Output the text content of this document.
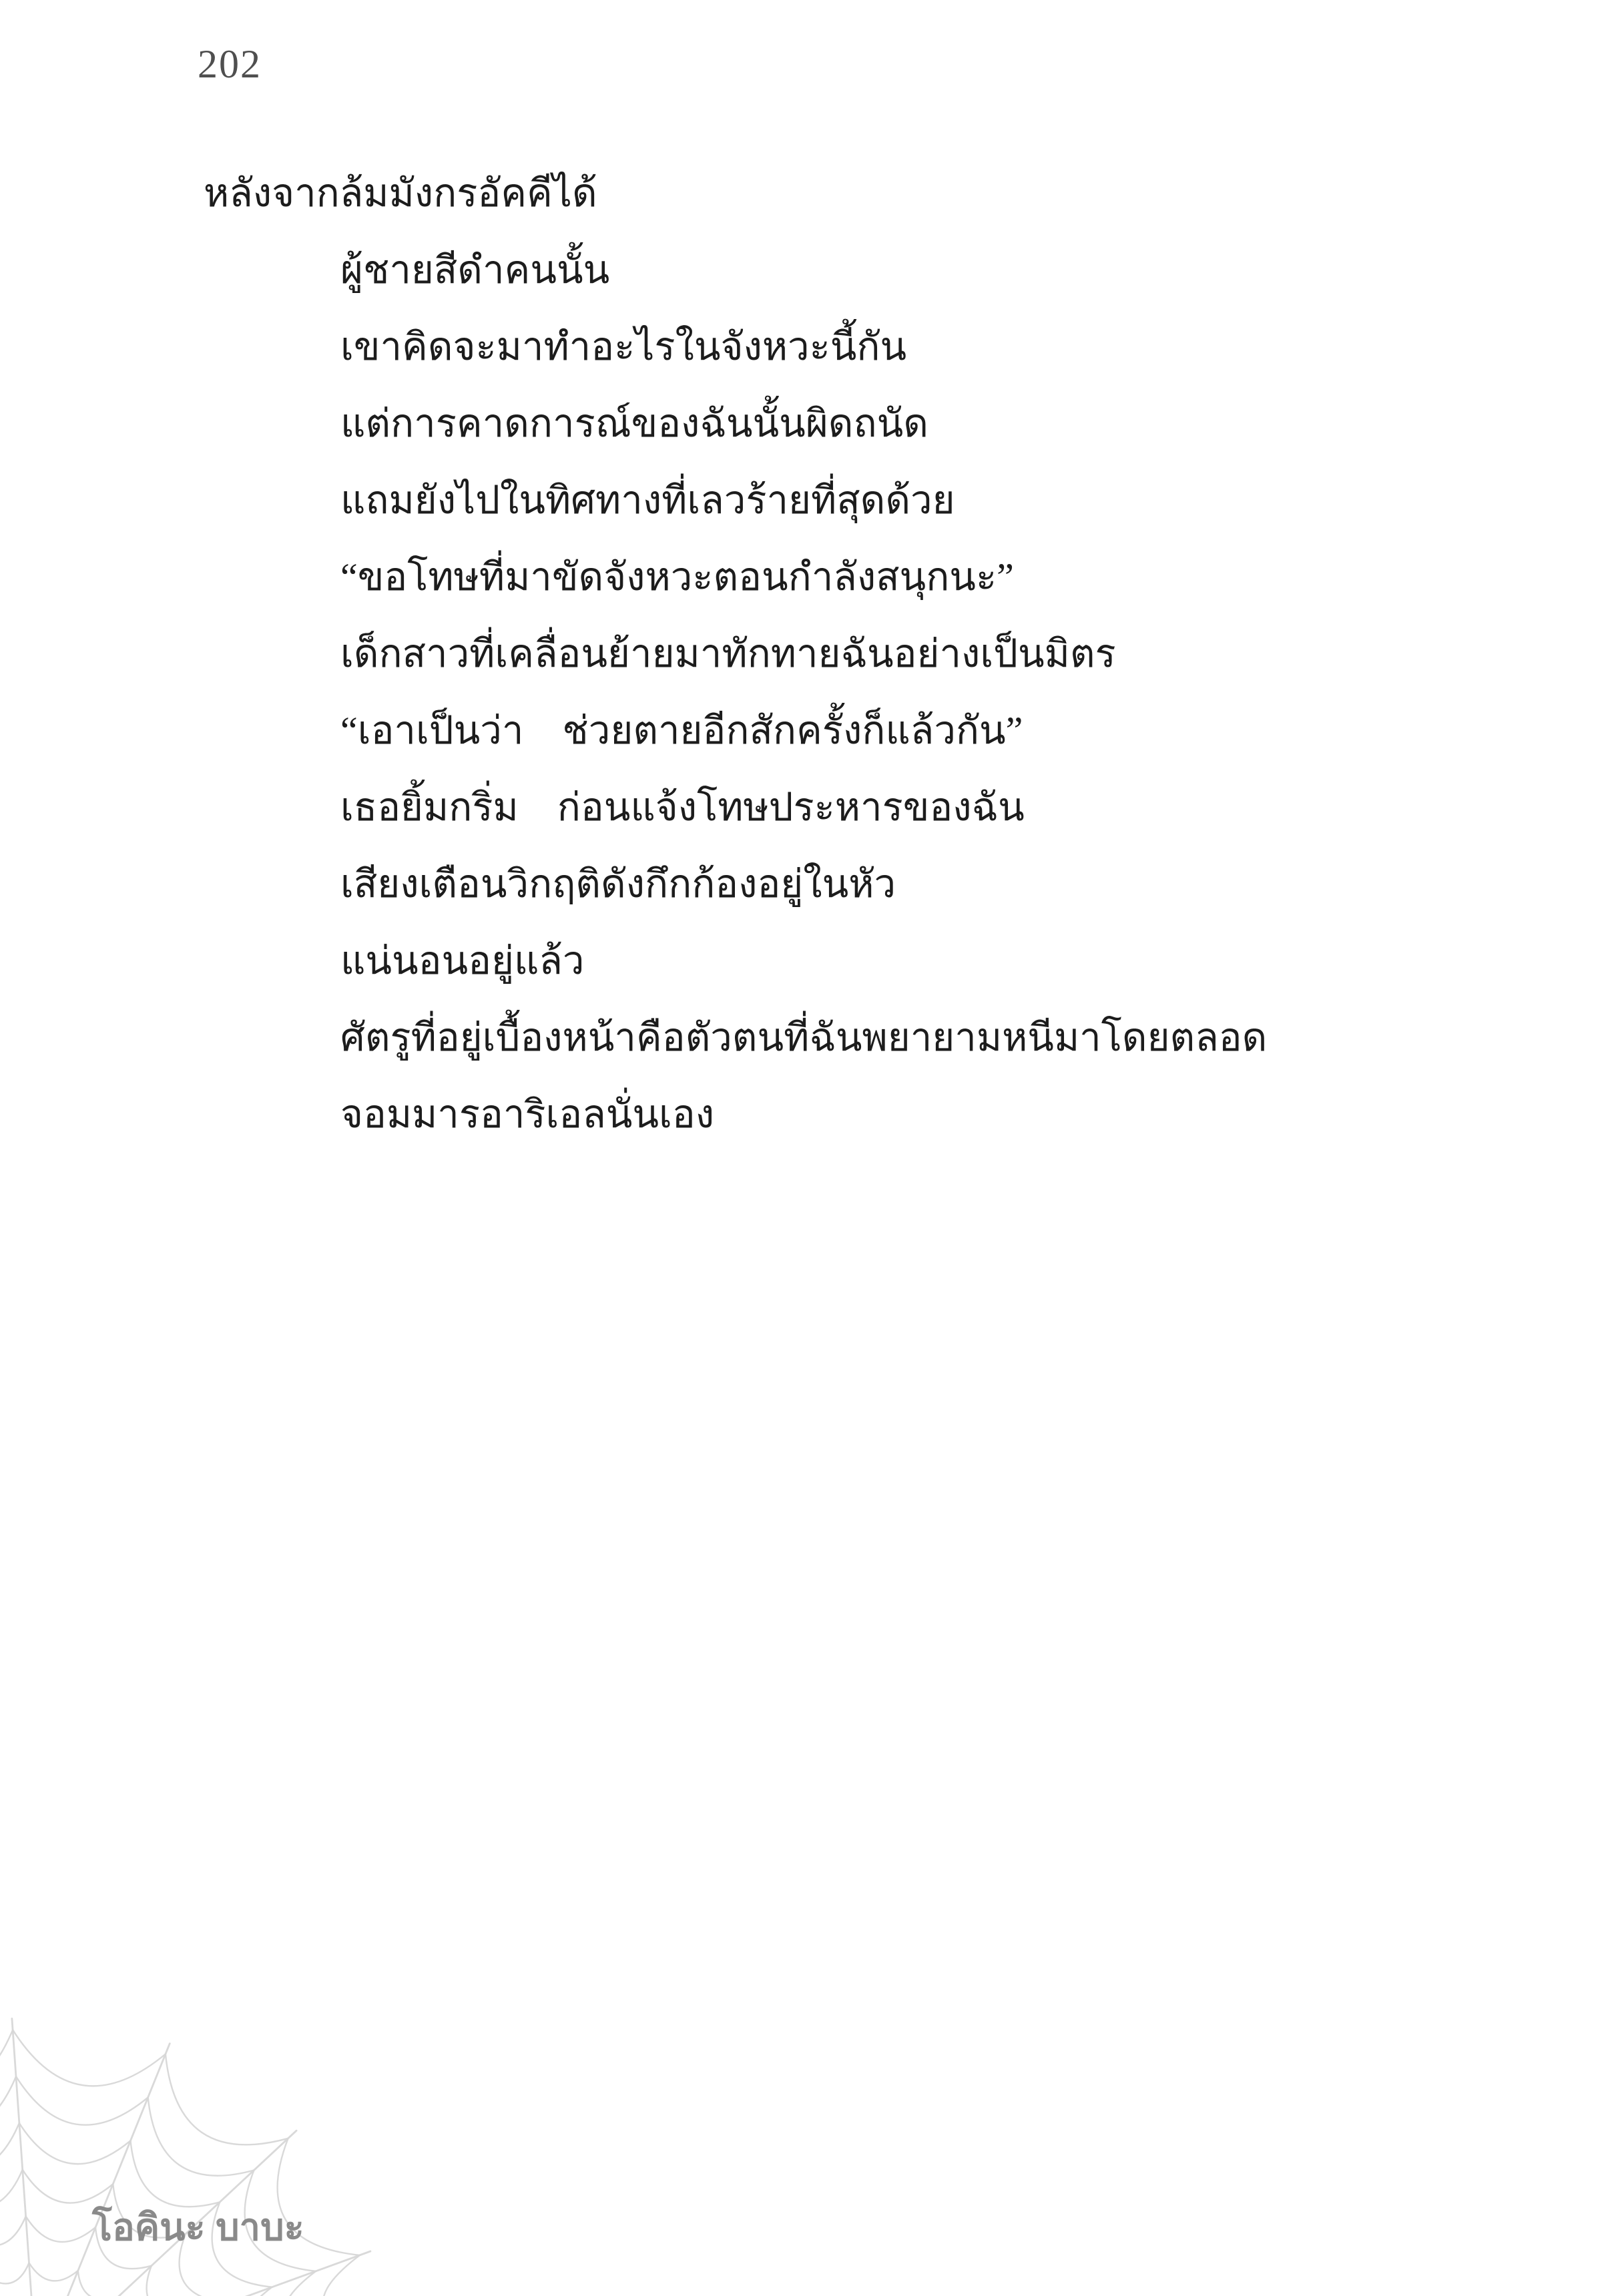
202
หลังจากล้มมังกรอัคคีได้
ผู้ชายสีดำคนนั้น
เขาคิดจะมาทำอะไรในจังหวะนี้กัน
แต่การคาดการณ์ของฉันนั้นผิดถนัด
แถมยังไปในทิศทางที่เลวร้ายที่สุดด้วย
“ขอโทษที่มาขัดจังหวะตอนกำลังสนุกนะ”
เด็กสาวที่เคลื่อนย้ายมาทักทายฉันอย่างเป็นมิตร
“เอาเป็นว่า ช่วยตายอีกสักครั้งก็แล้วกัน”
เธอยิ้มกริ่ม ก่อนแจ้งโทษประหารของฉัน
เสียงเตือนวิกฤติดังกึกก้องอยู่ในหัว
แน่นอนอยู่แล้ว
ศัตรูที่อยู่เบื้องหน้าคือตัวตนที่ฉันพยายามหนีมาโดยตลอด
จอมมารอาริเอลนั่นเอง
โอคินะ บาบะ
